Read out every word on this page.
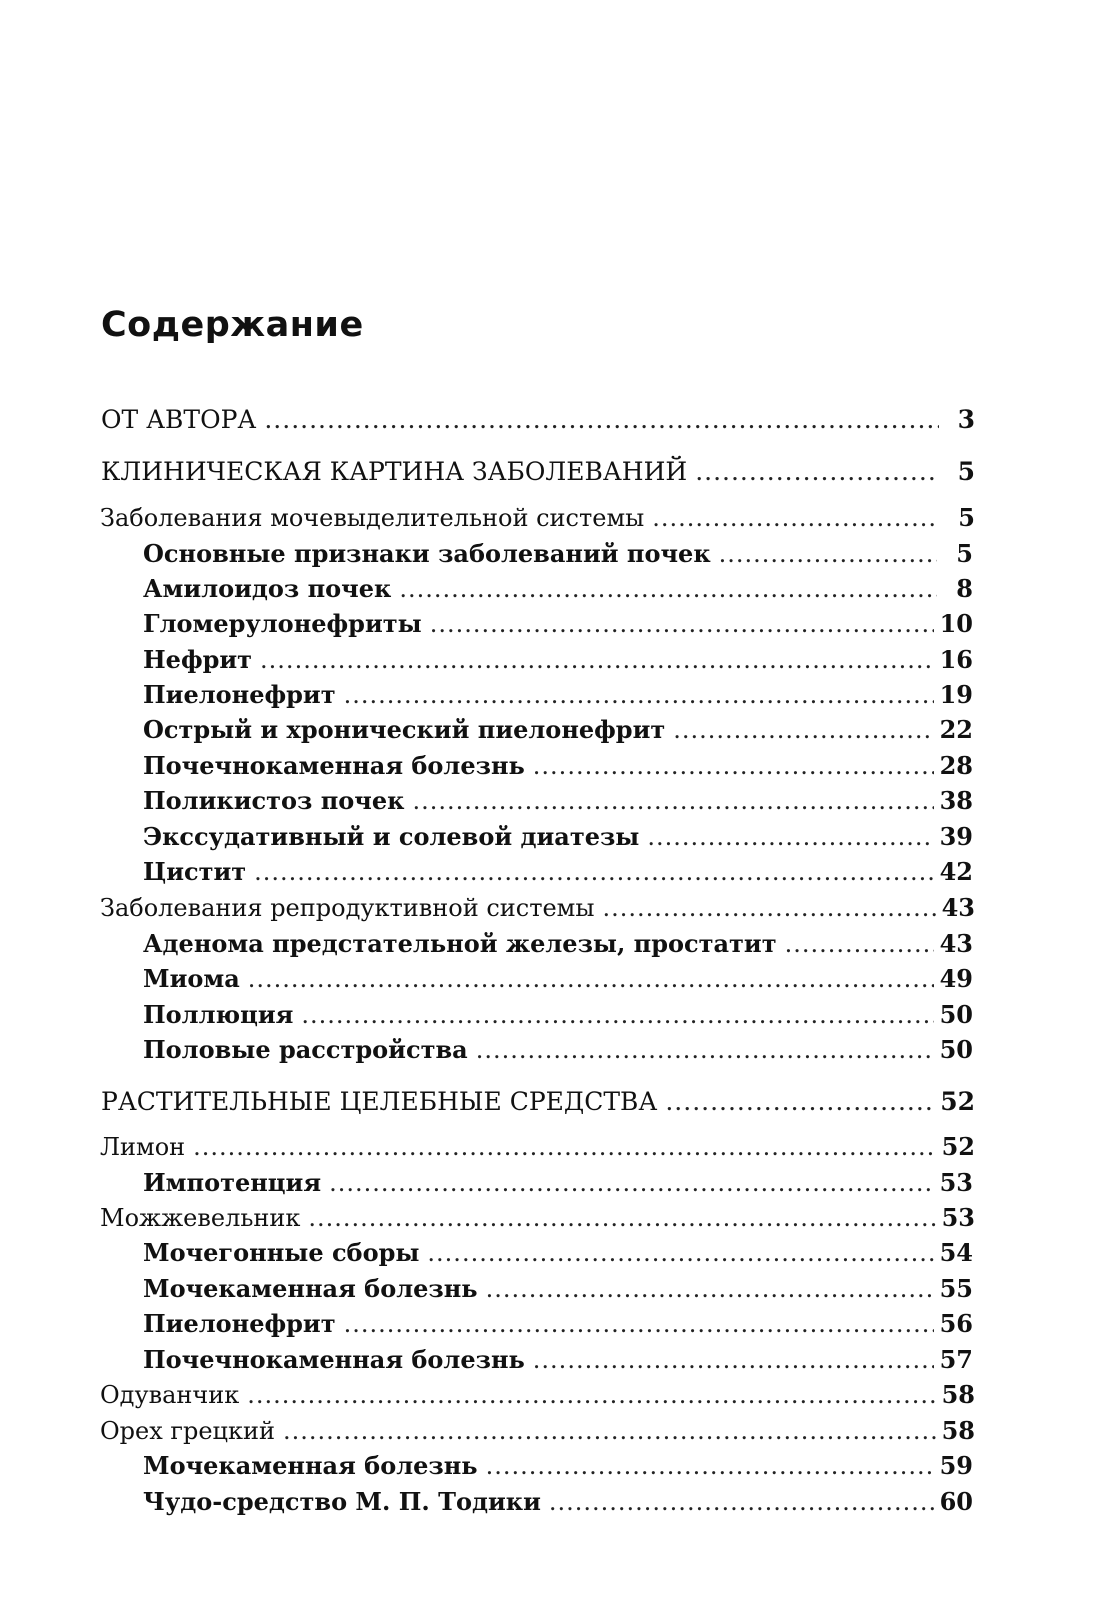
Содержание
ОТ АВТОРА .....	3
КЛИНИЧЕСКАЯ КАРТИНА ЗАБОЛЕВАНИЙ .....	5
Заболевания мочевыделительной системы .....	5
Основные признаки заболеваний почек .....	5
Амилоидоз почек .....	8
Гломерулонефриты .....	10
Нефрит .....	16
Пиелонефрит .....	19
Острый и хронический пиелонефрит .....	22
Почечнокаменная болезнь .....	28
Поликистоз почек .....	38
Экссудативный и солевой диатезы .....	39
Цистит .....	42
Заболевания репродуктивной системы .....	43
Аденома предстательной железы, простатит .....	43
Миома .....	49
Поллюция .....	50
Половые расстройства .....	50
РАСТИТЕЛЬНЫЕ ЦЕЛЕБНЫЕ СРЕДСТВА .....	52
Лимон .....	52
Импотенция .....	53
Можжевельник .....	53
Мочегонные сборы .....	54
Мочекаменная болезнь .....	55
Пиелонефрит .....	56
Почечнокаменная болезнь .....	57
Одуванчик .....	58
Орех грецкий .....	58
Мочекаменная болезнь .....	59
Чудо-средство М. П. Тодики .....	60
